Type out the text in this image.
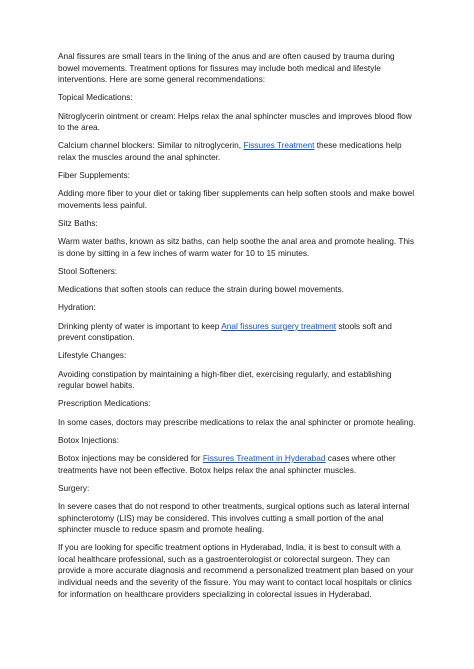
Anal fissures are small tears in the lining of the anus and are often caused by trauma during bowel movements. Treatment options for fissures may include both medical and lifestyle interventions. Here are some general recommendations:

Topical Medications:

Nitroglycerin ointment or cream: Helps relax the anal sphincter muscles and improves blood flow to the area.

Calcium channel blockers: Similar to nitroglycerin, Fissures Treatment these medications help relax the muscles around the anal sphincter.

Fiber Supplements:

Adding more fiber to your diet or taking fiber supplements can help soften stools and make bowel movements less painful.

Sitz Baths:

Warm water baths, known as sitz baths, can help soothe the anal area and promote healing. This is done by sitting in a few inches of warm water for 10 to 15 minutes.

Stool Softeners:

Medications that soften stools can reduce the strain during bowel movements.

Hydration:

Drinking plenty of water is important to keep Anal fissures surgery treatment stools soft and prevent constipation.

Lifestyle Changes:

Avoiding constipation by maintaining a high-fiber diet, exercising regularly, and establishing regular bowel habits.

Prescription Medications:

In some cases, doctors may prescribe medications to relax the anal sphincter or promote healing.

Botox Injections:

Botox injections may be considered for Fissures Treatment in Hyderabad cases where other treatments have not been effective. Botox helps relax the anal sphincter muscles.

Surgery:

In severe cases that do not respond to other treatments, surgical options such as lateral internal sphincterotomy (LIS) may be considered. This involves cutting a small portion of the anal sphincter muscle to reduce spasm and promote healing.

If you are looking for specific treatment options in Hyderabad, India, it is best to consult with a local healthcare professional, such as a gastroenterologist or colorectal surgeon. They can provide a more accurate diagnosis and recommend a personalized treatment plan based on your individual needs and the severity of the fissure. You may want to contact local hospitals or clinics for information on healthcare providers specializing in colorectal issues in Hyderabad.
